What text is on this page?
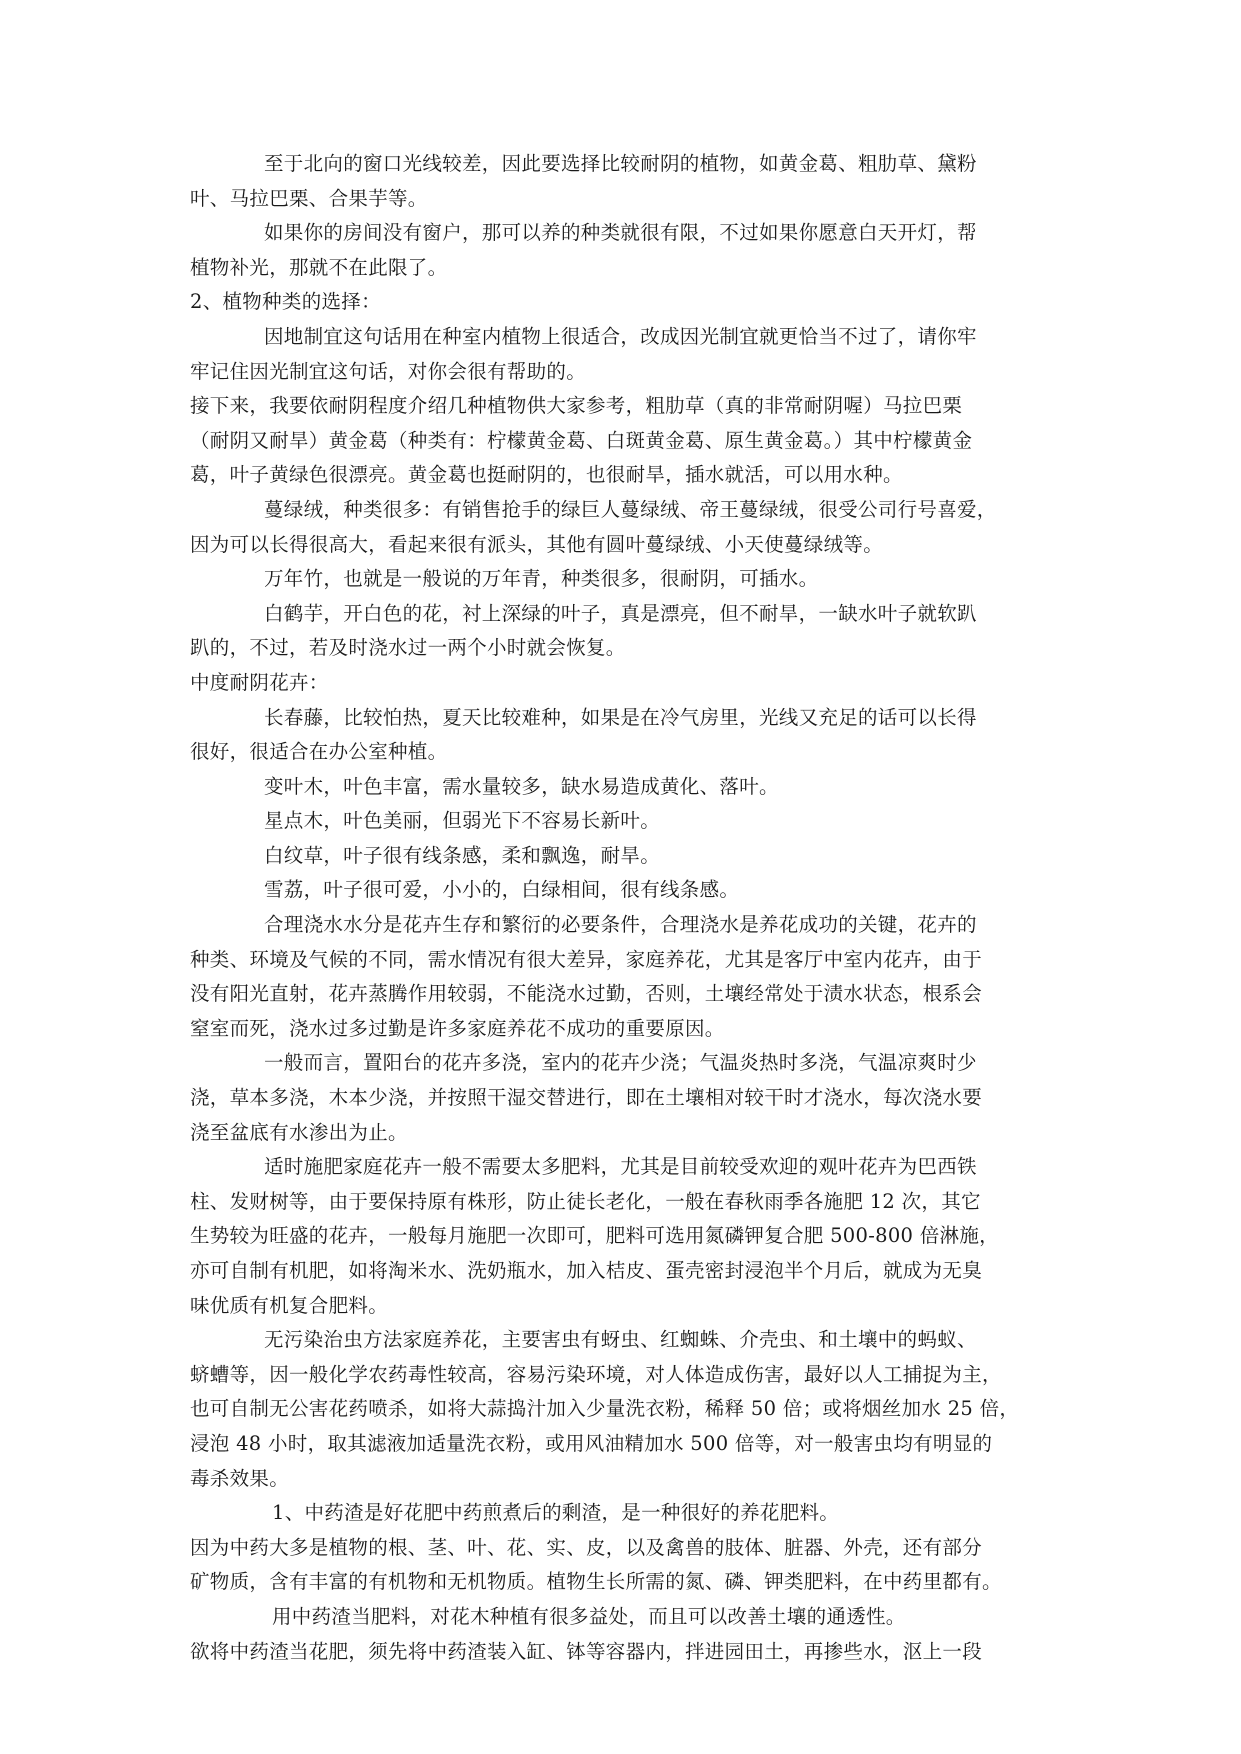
至于北向的窗口光线较差，因此要选择比较耐阴的植物，如黄金葛、粗肋草、黛粉
叶、马拉巴栗、合果芋等。
如果你的房间没有窗户，那可以养的种类就很有限，不过如果你愿意白天开灯，帮
植物补光，那就不在此限了。
2、植物种类的选择：
因地制宜这句话用在种室内植物上很适合，改成因光制宜就更恰当不过了，请你牢
牢记住因光制宜这句话，对你会很有帮助的。
接下来，我要依耐阴程度介绍几种植物供大家参考，粗肋草（真的非常耐阴喔）马拉巴栗
（耐阴又耐旱）黄金葛（种类有：柠檬黄金葛、白斑黄金葛、原生黄金葛。）其中柠檬黄金
葛，叶子黄绿色很漂亮。黄金葛也挺耐阴的，也很耐旱，插水就活，可以用水种。
蔓绿绒，种类很多：有销售抢手的绿巨人蔓绿绒、帝王蔓绿绒，很受公司行号喜爱，
因为可以长得很高大，看起来很有派头，其他有圆叶蔓绿绒、小天使蔓绿绒等。
万年竹，也就是一般说的万年青，种类很多，很耐阴，可插水。
白鹤芋，开白色的花，衬上深绿的叶子，真是漂亮，但不耐旱，一缺水叶子就软趴
趴的，不过，若及时浇水过一两个小时就会恢复。
中度耐阴花卉：
长春藤，比较怕热，夏天比较难种，如果是在冷气房里，光线又充足的话可以长得
很好，很适合在办公室种植。
变叶木，叶色丰富，需水量较多，缺水易造成黄化、落叶。
星点木，叶色美丽，但弱光下不容易长新叶。
白纹草，叶子很有线条感，柔和飘逸，耐旱。
雪荔，叶子很可爱，小小的，白绿相间，很有线条感。
合理浇水水分是花卉生存和繁衍的必要条件，合理浇水是养花成功的关键，花卉的
种类、环境及气候的不同，需水情况有很大差异，家庭养花，尤其是客厅中室内花卉，由于
没有阳光直射，花卉蒸腾作用较弱，不能浇水过勤，否则，土壤经常处于渍水状态，根系会
窒室而死，浇水过多过勤是许多家庭养花不成功的重要原因。
一般而言，置阳台的花卉多浇，室内的花卉少浇；气温炎热时多浇，气温凉爽时少
浇，草本多浇，木本少浇，并按照干湿交替进行，即在土壤相对较干时才浇水，每次浇水要
浇至盆底有水渗出为止。
适时施肥家庭花卉一般不需要太多肥料，尤其是目前较受欢迎的观叶花卉为巴西铁
柱、发财树等，由于要保持原有株形，防止徒长老化，一般在春秋雨季各施肥 12 次，其它
生势较为旺盛的花卉，一般每月施肥一次即可，肥料可选用氮磷钾复合肥 500-800 倍淋施，
亦可自制有机肥，如将淘米水、洗奶瓶水，加入桔皮、蛋壳密封浸泡半个月后，就成为无臭
味优质有机复合肥料。
无污染治虫方法家庭养花，主要害虫有蚜虫、红蜘蛛、介壳虫、和土壤中的蚂蚁、
蛴螬等，因一般化学农药毒性较高，容易污染环境，对人体造成伤害，最好以人工捕捉为主，
也可自制无公害花药喷杀，如将大蒜捣汁加入少量洗衣粉，稀释 50 倍；或将烟丝加水 25 倍，
浸泡 48 小时，取其滤液加适量洗衣粉，或用风油精加水 500 倍等，对一般害虫均有明显的
毒杀效果。
1、中药渣是好花肥中药煎煮后的剩渣，是一种很好的养花肥料。
因为中药大多是植物的根、茎、叶、花、实、皮，以及禽兽的肢体、脏器、外壳，还有部分
矿物质，含有丰富的有机物和无机物质。植物生长所需的氮、磷、钾类肥料，在中药里都有。
用中药渣当肥料，对花木种植有很多益处，而且可以改善土壤的通透性。
欲将中药渣当花肥，须先将中药渣装入缸、钵等容器内，拌进园田土，再掺些水，沤上一段
